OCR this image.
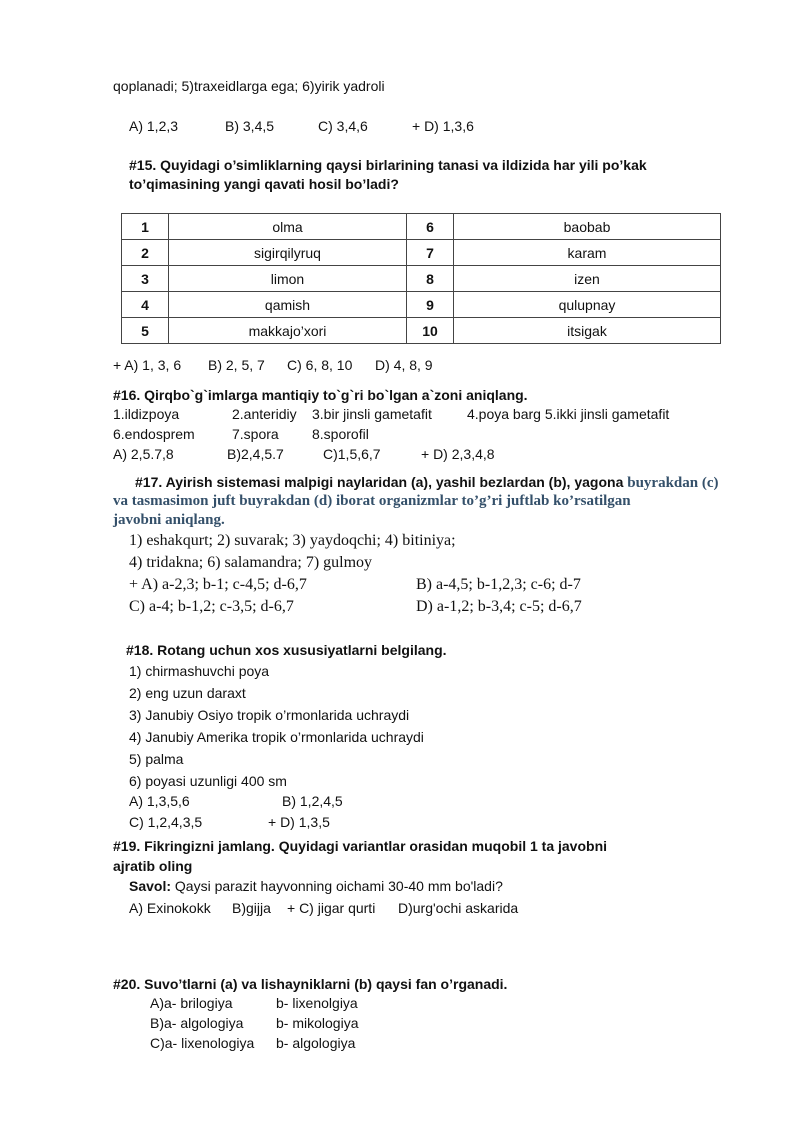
qoplanadi; 5)traxeidlarga ega; 6)yirik yadroli
A) 1,2,3	B) 3,4,5	C) 3,4,6	+ D) 1,3,6
#15. Quyidagi o’simliklarning qaysi birlarining tanasi va ildizida har yili po’kak
to’qimasining yangi qavati hosil bo’ladi?
1	olma	6	baobab
2	sigirqilyruq	7	karam
3	limon	8	izen
4	qamish	9	qulupnay
5	makkajo’xori	10	itsigak
+ A) 1, 3, 6 B) 2, 5, 7 C) 6, 8, 10 D) 4, 8, 9
#16. Qirqbo`g`imlarga mantiqiy to`g`ri bo`lgan a`zoni aniqlang.
1.ildizpoya	2.anteridiy 3.bir jinsli gametafit	4.poya barg 5.ikki jinsli gametafit
6.endosprem	7.spora 8.sporofil
A) 2,5.7,8	B)2,4,5.7	C)1,5,6,7	+ D) 2,3,4,8
#17. Ayirish sistemasi malpigi naylaridan (a), yashil bezlardan (b), yagona buyrakdan (c)
va tasmasimon juft buyrakdan (d) iborat organizmlar to’g’ri juftlab ko’rsatilgan
javobni aniqlang.
1) eshakqurt; 2) suvarak; 3) yaydoqchi; 4) bitiniya;
4) tridakna; 6) salamandra; 7) gulmoy
+ A) a-2,3; b-1; c-4,5; d-6,7	B) a-4,5; b-1,2,3; c-6; d-7
C) a-4; b-1,2; c-3,5; d-6,7	D) a-1,2; b-3,4; c-5; d-6,7
#18. Rotang uchun xos xususiyatlarni belgilang.
1) chirmashuvchi poya
2) eng uzun daraxt
3) Janubiy Osiyo tropik o’rmonlarida uchraydi
4) Janubiy Amerika tropik o’rmonlarida uchraydi
5) palma
6) poyasi uzunligi 400 sm
A) 1,3,5,6	B) 1,2,4,5
C) 1,2,4,3,5	+ D) 1,3,5
#19. Fikringizni jamlang. Quyidagi variantlar orasidan muqobil 1 ta javobni
ajratib oling
Savol: Qaysi parazit hayvonning oichami 30-40 mm bo'ladi?
A) Exinokokk B)gijja + C) jigar qurti D)urg'ochi askarida
#20. Suvo’tlarni (a) va lishayniklarni (b) qaysi fan o’rganadi.
A)a- brilogiya	b- lixenolgiya
B)a- algologiya b- mikologiya
C)a- lixenologiya b- algologiya
